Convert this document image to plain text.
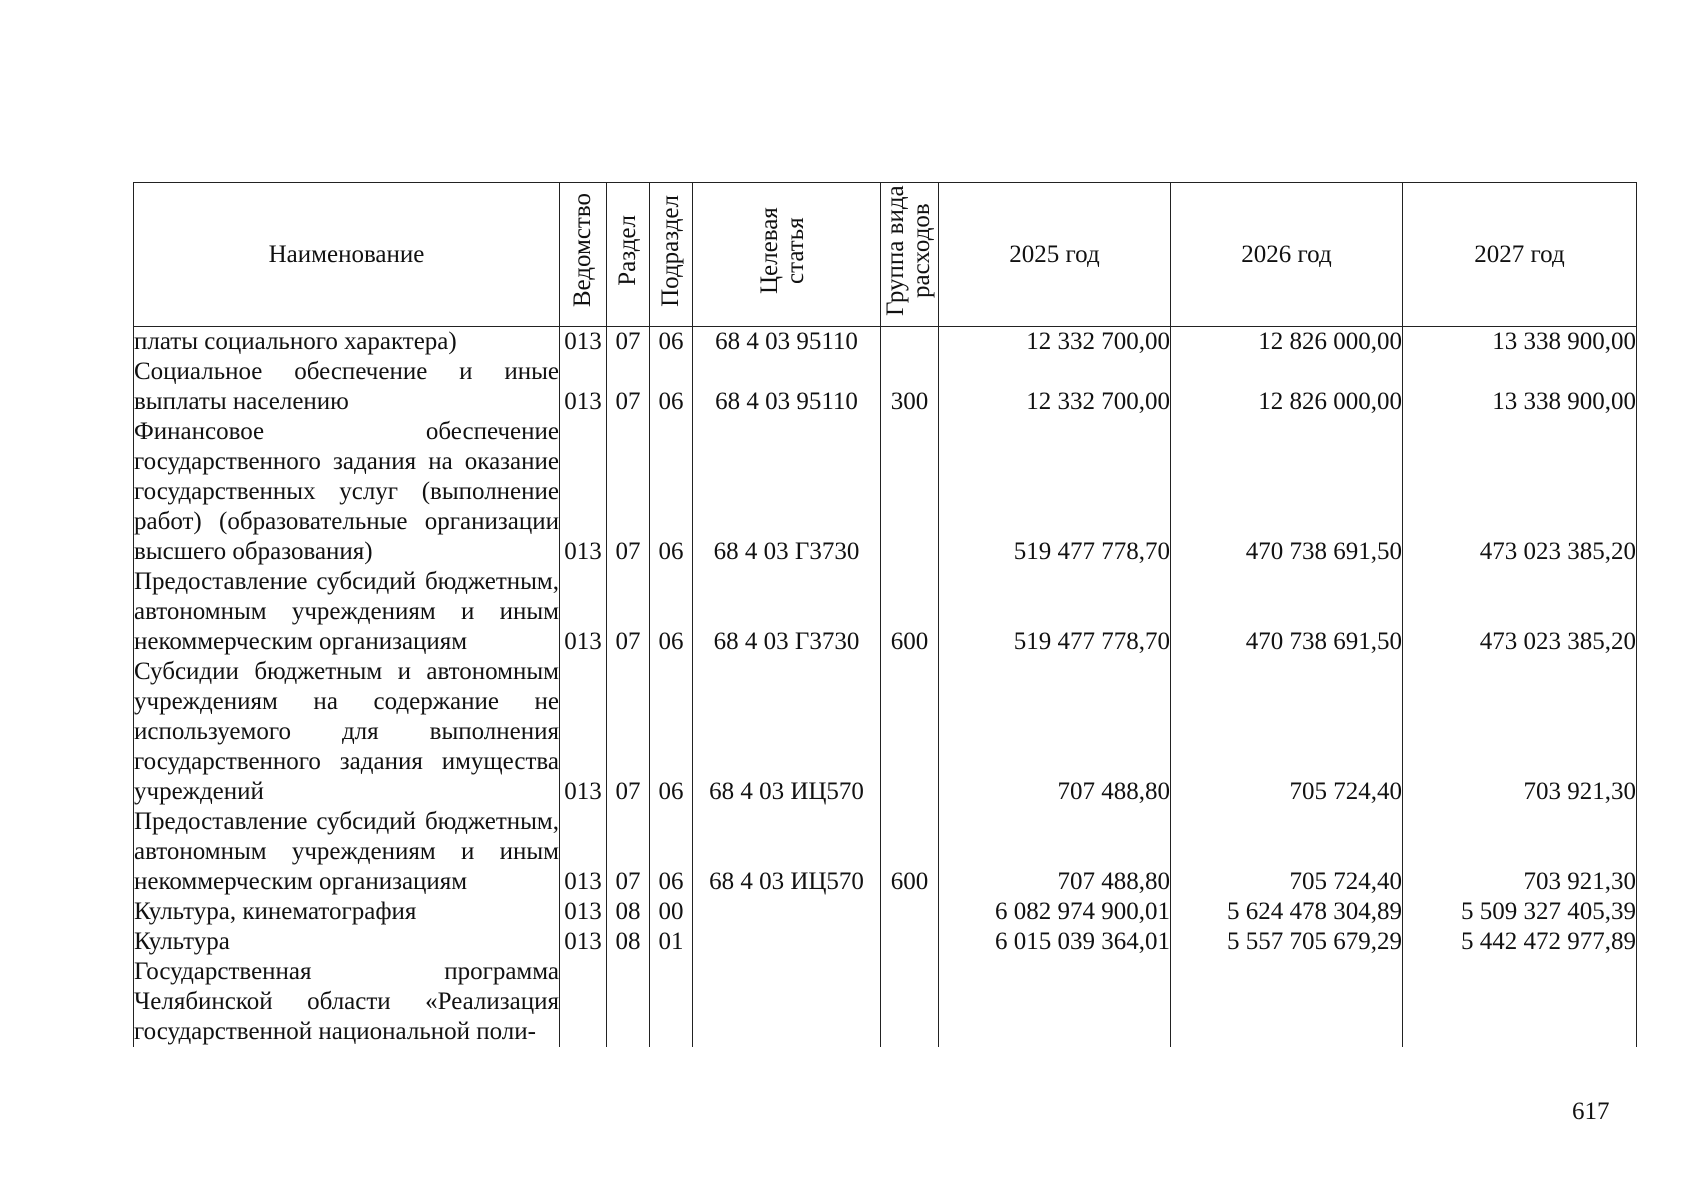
Наименование	Ведомство	Раздел	Подраздел	Целевая статья	Группа вида расходов	2025 год	2026 год	2027 год
платы социального характера)	013	07	06	68 4 03 95110		12 332 700,00	12 826 000,00	13 338 900,00
Социальное обеспечение и иные выплаты населению	013	07	06	68 4 03 95110	300	12 332 700,00	12 826 000,00	13 338 900,00
Финансовое обеспечение государственного задания на оказание государственных услуг (выполнение работ) (образовательные организации высшего образования)	013	07	06	68 4 03 Г3730		519 477 778,70	470 738 691,50	473 023 385,20
Предоставление субсидий бюджетным, автономным учреждениям и иным некоммерческим организациям	013	07	06	68 4 03 Г3730	600	519 477 778,70	470 738 691,50	473 023 385,20
Субсидии бюджетным и автономным учреждениям на содержание не используемого для выполнения государственного задания имущества учреждений	013	07	06	68 4 03 ИЦ570		707 488,80	705 724,40	703 921,30
Предоставление субсидий бюджетным, автономным учреждениям и иным некоммерческим организациям	013	07	06	68 4 03 ИЦ570	600	707 488,80	705 724,40	703 921,30
Культура, кинематография	013	08	00			6 082 974 900,01	5 624 478 304,89	5 509 327 405,39
Культура	013	08	01			6 015 039 364,01	5 557 705 679,29	5 442 472 977,89
Государственная программа Челябинской области «Реализация государственной национальной поли-								
617
